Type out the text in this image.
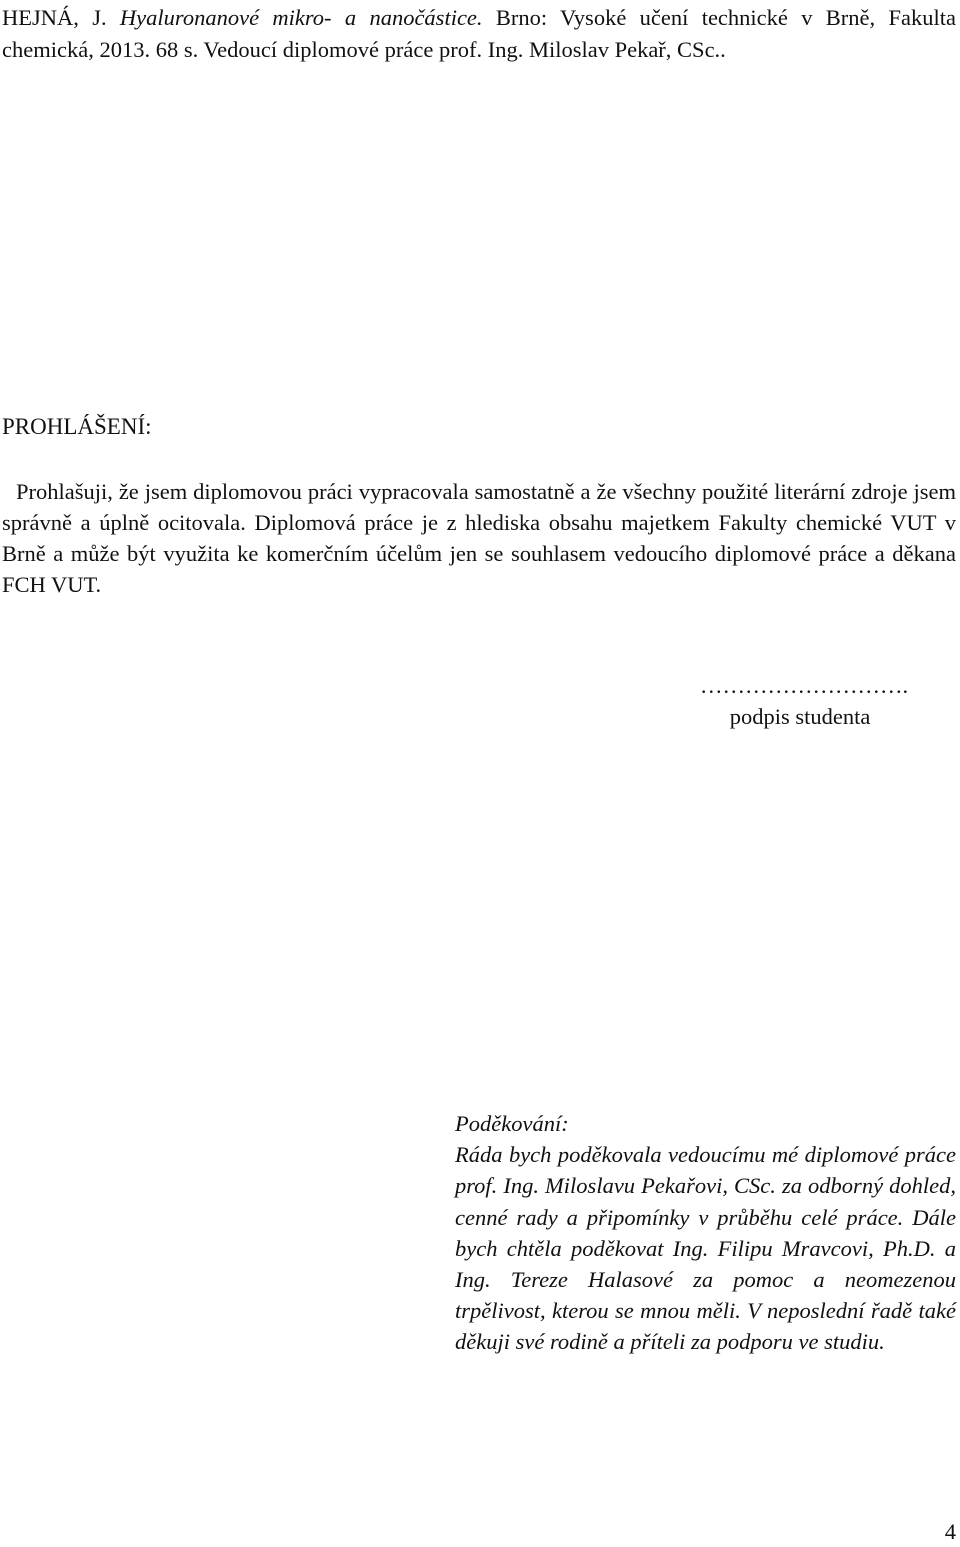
HEJNÁ, J. Hyaluronanové mikro- a nanočástice. Brno: Vysoké učení technické v Brně, Fakulta chemická, 2013. 68 s. Vedoucí diplomové práce prof. Ing. Miloslav Pekař, CSc..
PROHLÁŠENÍ:

Prohlašuji, že jsem diplomovou práci vypracovala samostatně a že všechny použité literární zdroje jsem správně a úplně ocitovala. Diplomová práce je z hlediska obsahu majetkem Fakulty chemické VUT v Brně a může být využita ke komerčním účelům jen se souhlasem vedoucího diplomové práce a děkana FCH VUT.

……………………….
podpis studenta
Poděkování:

Ráda bych poděkovala vedoucímu mé diplomové práce prof. Ing. Miloslavu Pekařovi, CSc. za odborný dohled, cenné rady a připomínky v průběhu celé práce. Dále bych chtěla poděkovat Ing. Filipu Mravcovi, Ph.D. a Ing. Tereze Halasové za pomoc a neomezenou trpělivost, kterou se mnou měli. V neposlední řadě také děkuji své rodině a příteli za podporu ve studiu.

4
